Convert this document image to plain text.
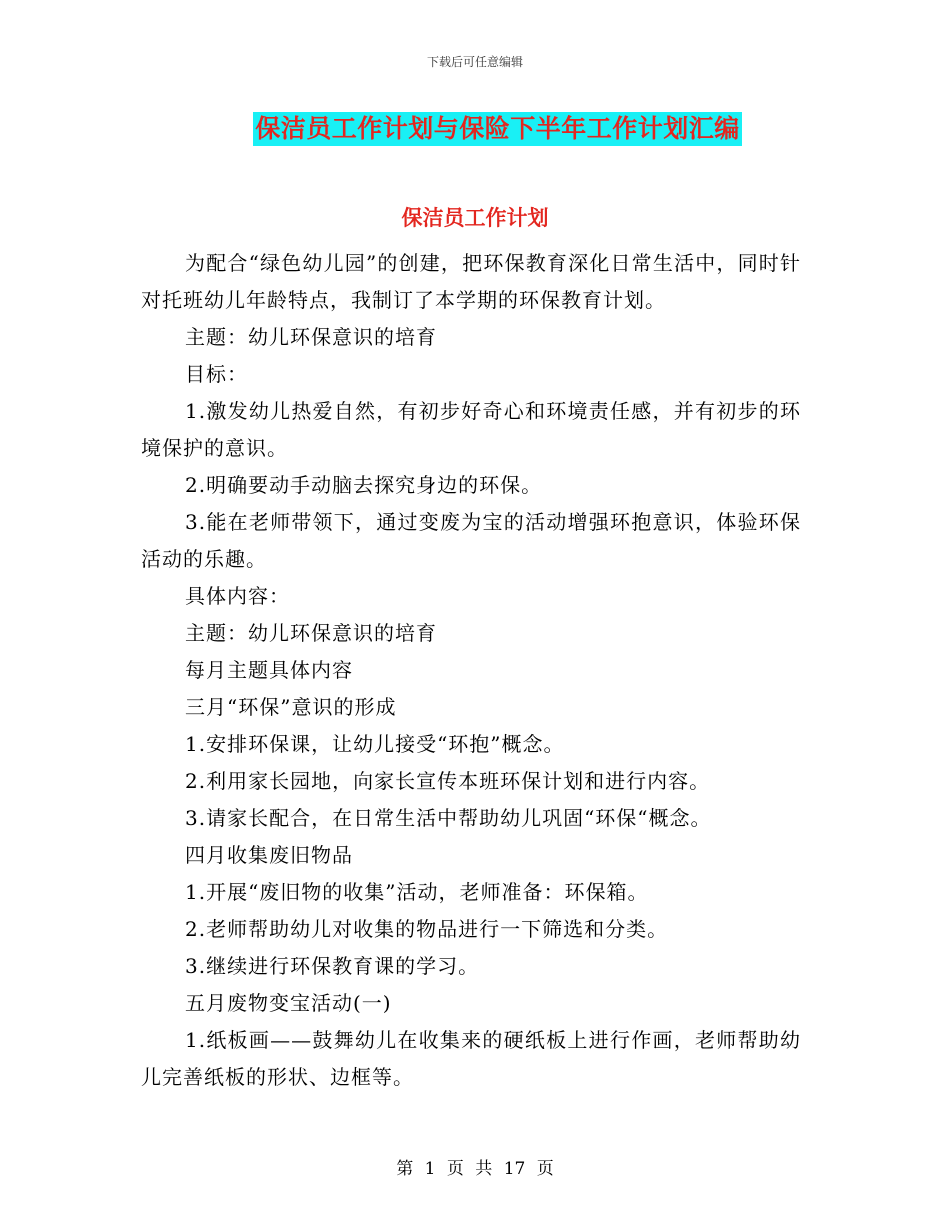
下载后可任意编辑
保洁员工作计划与保险下半年工作计划汇编
保洁员工作计划

为配合“绿色幼儿园”的创建，把环保教育深化日常生活中，同时针对托班幼儿年龄特点，我制订了本学期的环保教育计划。

主题：幼儿环保意识的培育

目标：

1.激发幼儿热爱自然，有初步好奇心和环境责任感，并有初步的环境保护的意识。

2.明确要动手动脑去探究身边的环保。

3.能在老师带领下，通过变废为宝的活动增强环抱意识，体验环保活动的乐趣。

具体内容：

主题：幼儿环保意识的培育

每月主题具体内容

三月“环保”意识的形成

1.安排环保课，让幼儿接受“环抱”概念。

2.利用家长园地，向家长宣传本班环保计划和进行内容。

3.请家长配合，在日常生活中帮助幼儿巩固“环保“概念。

四月收集废旧物品

1.开展“废旧物的收集”活动，老师准备：环保箱。

2.老师帮助幼儿对收集的物品进行一下筛选和分类。

3.继续进行环保教育课的学习。

五月废物变宝活动(一)

1.纸板画——鼓舞幼儿在收集来的硬纸板上进行作画，老师帮助幼儿完善纸板的形状、边框等。

第 1 页 共 17 页
